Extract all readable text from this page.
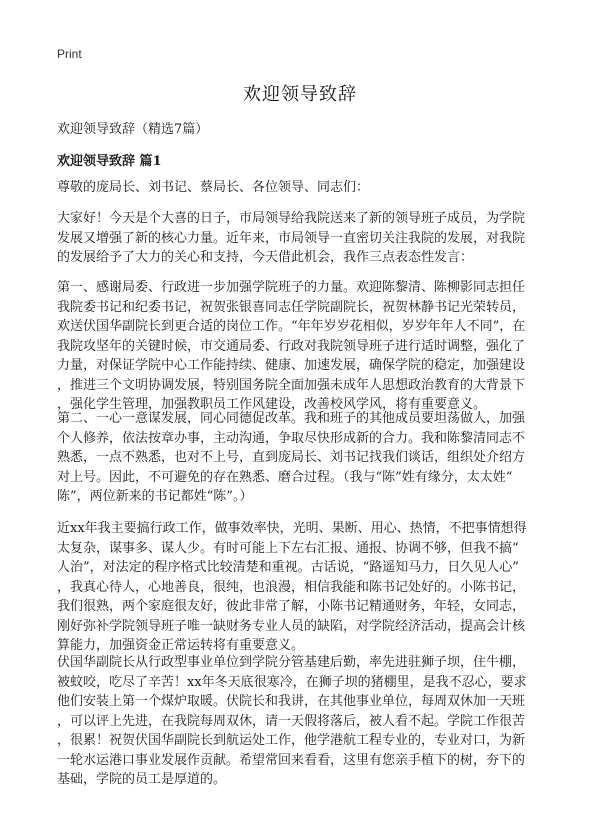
Print
欢迎领导致辞
欢迎领导致辞（精选7篇）
欢迎领导致辞 篇1
尊敬的庞局长、刘书记、蔡局长、各位领导、同志们：
大家好！今天是个大喜的日子，市局领导给我院送来了新的领导班子成员，为学院
发展又增强了新的核心力量。近年来，市局领导一直密切关注我院的发展，对我院
的发展给予了大力的关心和支持，今天借此机会，我作三点表态性发言：
第一、感谢局委、行政进一步加强学院班子的力量。欢迎陈黎清、陈柳影同志担任
我院委书记和纪委书记，祝贺张银喜同志任学院副院长，祝贺林静书记光荣转员，
欢送伏国华副院长到更合适的岗位工作。“年年岁岁花相似，岁岁年年人不同”，在
我院攻坚年的关键时候，市交通局委、行政对我院领导班子进行适时调整，强化了
力量，对保证学院中心工作能持续、健康、加速发展，确保学院的稳定，加强建设
，推进三个文明协调发展，特别国务院全面加强未成年人思想政治教育的大背景下
，强化学生管理，加强教职员工作风建设，改善校风学风，将有重要意义。
第二、一心一意谋发展，同心同德促改革。我和班子的其他成员要坦荡做人，加强
个人修养，依法按章办事，主动沟通，争取尽快形成新的合力。我和陈黎清同志不
熟悉，一点不熟悉，也对不上号，直到庞局长、刘书记找我们谈话，组织处介绍方
对上号。因此，不可避免的存在熟悉、磨合过程。（我与“陈”姓有缘分，太太姓“
陈”，两位新来的书记都姓“陈”。）
近xx年我主要搞行政工作，做事效率快，光明、果断、用心、热情，不把事情想得
太复杂，谋事多、谋人少。有时可能上下左右汇报、通报、协调不够，但我不搞“
人治”，对法定的程序格式比较清楚和重视。古话说，“路遥知马力，日久见人心”
，我真心待人，心地善良，很纯，也浪漫，相信我能和陈书记处好的。小陈书记，
我们很熟，两个家庭很友好，彼此非常了解，小陈书记精通财务，年轻，女同志，
刚好弥补学院领导班子唯一缺财务专业人员的缺陷，对学院经济活动，提高会计核
算能力，加强资金正常运转将有重要意义。
伏国华副院长从行政型事业单位到学院分管基建后勤，率先进驻狮子坝，住牛棚，
被蚊咬，吃尽了辛苦！xx年冬天底很寒冷，在狮子坝的猪棚里，是我不忍心，要求
他们安装上第一个煤炉取暖。伏院长和我讲，在其他事业单位，每周双休加一天班
，可以评上先进，在我院每周双休，请一天假将落后，被人看不起。学院工作很苦
，很累！祝贺伏国华副院长到航运处工作，他学港航工程专业的，专业对口，为新
一轮水运港口事业发展作贡献。希望常回来看看，这里有您亲手植下的树，夯下的
基础，学院的员工是厚道的。
